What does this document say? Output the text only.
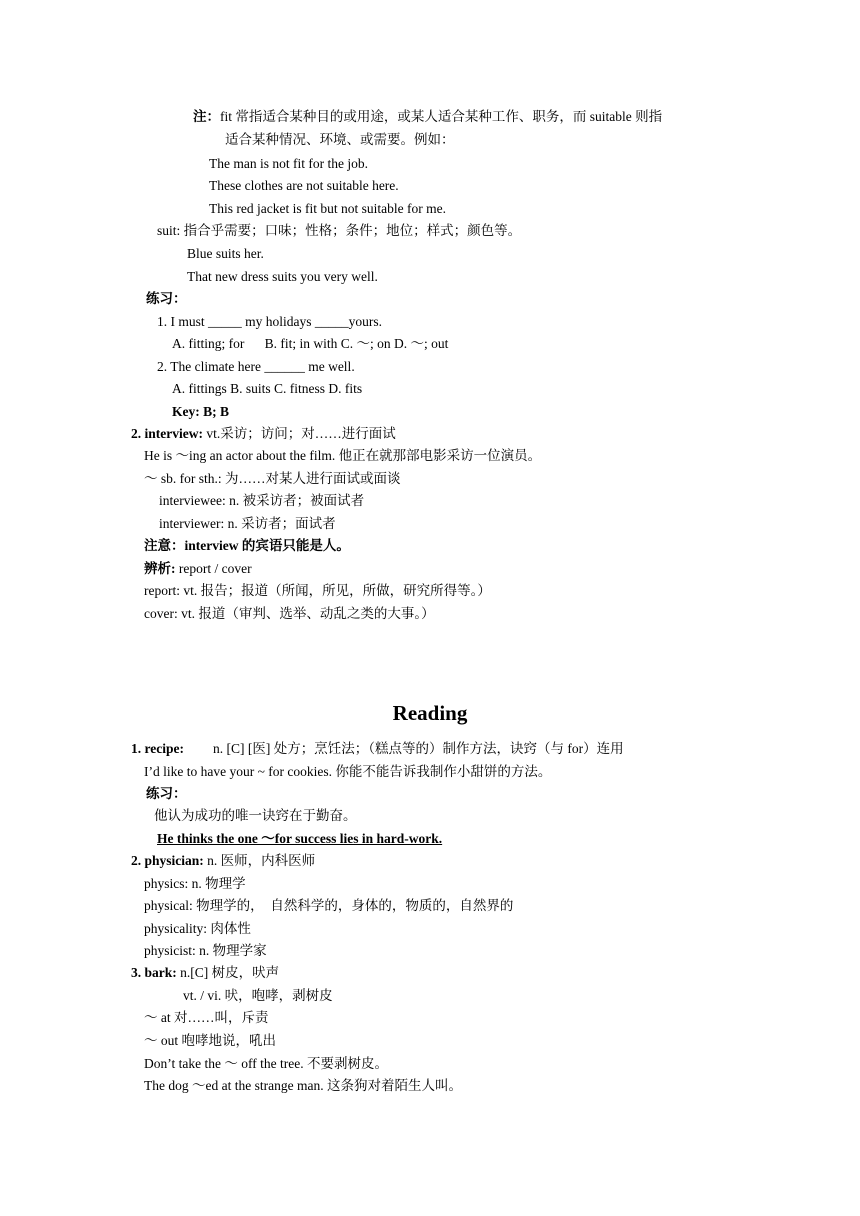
注：fit 常指适合某种目的或用途，或某人适合某种工作、职务，而 suitable 则指
适合某种情况、环境、或需要。例如：
The man is not fit for the job.
These clothes are not suitable here.
This red jacket is fit but not suitable for me.
suit: 指合乎需要；口味；性格；条件；地位；样式；颜色等。
Blue suits her.
That new dress suits you very well.
练习：
1. I must _____ my holidays _____yours.
A. fitting; for      B. fit; in with C. ～; on D. ～; out
2. The climate here ______ me well.
A. fittings B. suits C. fitness D. fits
Key: B; B
2. interview: vt.采访；访问；对……进行面试
He is ～ing an actor about the film. 他正在就那部电影采访一位演员。
～ sb. for sth.: 为……对某人进行面试或面谈
interviewee: n. 被采访者；被面试者
interviewer: n. 采访者；面试者
注意：interview 的宾语只能是人。
辨析: report / cover
report: vt. 报告；报道（所闻，所见，所做，研究所得等。）
cover: vt. 报道（审判、选举、动乱之类的大事。）
Reading
1. recipe: n. [C] [医] 处方；烹饪法；（糕点等的）制作方法，诀窍（与 for）连用
I’d like to have your ~ for cookies. 你能不能告诉我制作小甜饼的方法。
练习：
他认为成功的唯一诀窍在于勤奋。
He thinks the one ～for success lies in hard-work.
2. physician: n. 医师，内科医师
physics: n. 物理学
physical: 物理学的，  自然科学的，身体的，物质的，自然界的
physicality: 肉体性
physicist: n. 物理学家
3. bark: n.[C] 树皮，吠声
vt. / vi. 吠，咆哮，剥树皮
～ at 对……叫，斥责
～ out 咆哮地说，吼出
Don’t take the ～ off the tree. 不要剥树皮。
The dog ～ed at the strange man. 这条狗对着陌生人叫。
